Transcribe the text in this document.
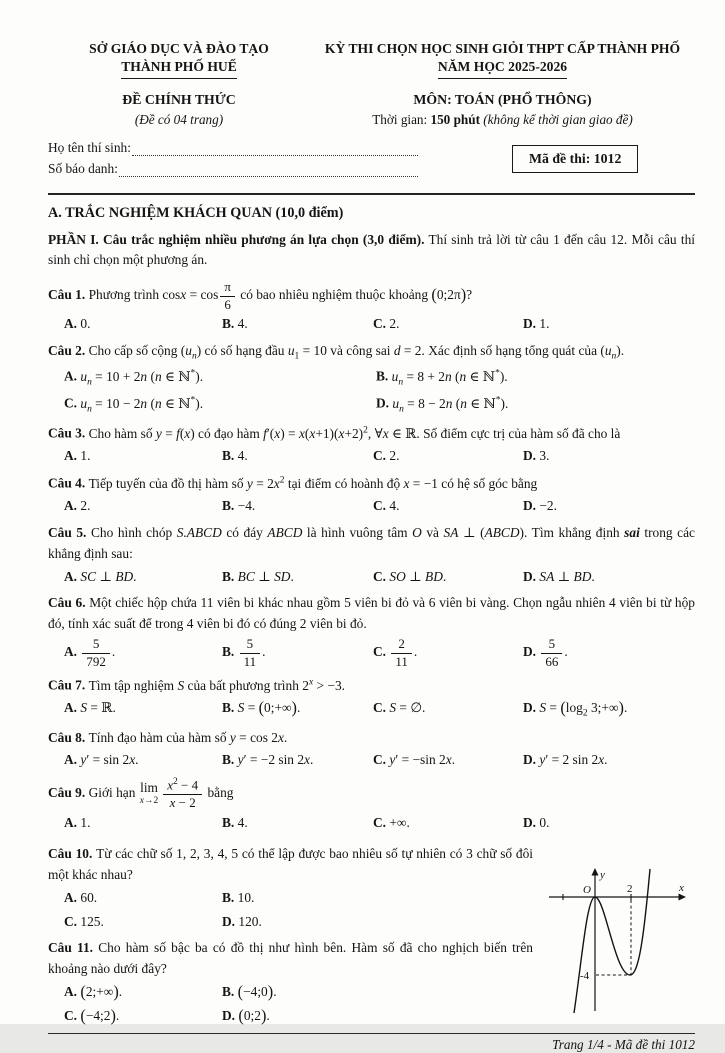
SỞ GIÁO DỤC VÀ ĐÀO TẠO
THÀNH PHỐ HUẾ
ĐỀ CHÍNH THỨC
(Đề có 04 trang)
KỲ THI CHỌN HỌC SINH GIỎI THPT CẤP THÀNH PHỐ
NĂM HỌC 2025-2026
MÔN: TOÁN (PHỔ THÔNG)
Thời gian: 150 phút (không kể thời gian giao đề)
Họ tên thí sinh:
Số báo danh:
Mã đề thi: 1012
A. TRẮC NGHIỆM KHÁCH QUAN (10,0 điểm)

PHẦN I. Câu trắc nghiệm nhiều phương án lựa chọn (3,0 điểm). Thí sinh trả lời từ câu 1 đến câu 12. Mỗi câu thí sinh chỉ chọn một phương án.

Câu 1. Phương trình $\cos x = \cos \frac{\pi}{6}$ có bao nhiêu nghiệm thuộc khoảng (0;2π)?

A. 0.	B. 4.	C. 2.	D. 1.

Câu 2. Cho cấp số cộng $(u_n)$ có số hạng đầu $u_1 = 10$ và công sai d = 2. Xác định số hạng tổng quát của $(u_n)$.

A. $u_n = 10 + 2n$ (n ∈ ℕ*).	B. $u_n = 8 + 2n$ (n ∈ ℕ*).
C. $u_n = 10 - 2n$ (n ∈ ℕ*).	D. $u_n = 8 - 2n$ (n ∈ ℕ*).

Câu 3. Cho hàm số y = f(x) có đạo hàm $f'(x) = x(x+1)(x+2)^2$, ∀x ∈ ℝ. Số điểm cực trị của hàm số đã cho là

A. 1.	B. 4.	C. 2.	D. 3.

Câu 4. Tiếp tuyến của đồ thị hàm số $y = 2x^2$ tại điểm có hoành độ x = −1 có hệ số góc bằng

A. 2.	B. −4.	C. 4.	D. −2.

Câu 5. Cho hình chóp S.ABCD có đáy ABCD là hình vuông tâm O và SA ⊥ (ABCD). Tìm khẳng định sai trong các khẳng định sau:

A. SC ⊥ BD.	B. BC ⊥ SD.	C. SO ⊥ BD.	D. SA ⊥ BD.

Câu 6. Một chiếc hộp chứa 11 viên bi khác nhau gồm 5 viên bi đỏ và 6 viên bi vàng. Chọn ngẫu nhiên 4 viên bi từ hộp đó, tính xác suất để trong 4 viên bi đó có đúng 2 viên bi đỏ.

A. $\frac{5}{792}$ .	B. $\frac{5}{11}$ .	C. $\frac{2}{11}$ .	D. $\frac{5}{66}$ .

Câu 7. Tìm tập nghiệm S của bất phương trình $2^x > -3$.

A. S = ℝ.	B. S = (0;+∞).	C. S = ∅.	D. $S = (\log_2$ 3;+∞).

Câu 8. Tính đạo hàm của hàm số y = cos 2x.

A. y′ = sin 2x.	B. y′ = −2 sin 2x.	C. y′ = −sin 2x.	D. y′ = 2 sin 2x.

Câu 9. Giới hạn lim
$x\to 2 \frac{x^2 - 4}{x - 2}$ bằng

A. 1.	B. 4.	C. +∞.	D. 0.
y
x
O	2
-4

Câu 10. Từ các chữ số 1, 2, 3, 4, 5 có thể lập được bao nhiêu số tự nhiên có 3 chữ số đôi một khác nhau?

A. 60.	B. 10.
C. 125.	D. 120.

Câu 11. Cho hàm số bậc ba có đồ thị như hình bên. Hàm số đã cho nghịch biến trên khoảng nào dưới đây?

A. (2;+∞).	B. (−4;0).
C. (−4;2).	D. (0;2).
Trang 1/4 - Mã đề thi 1012
